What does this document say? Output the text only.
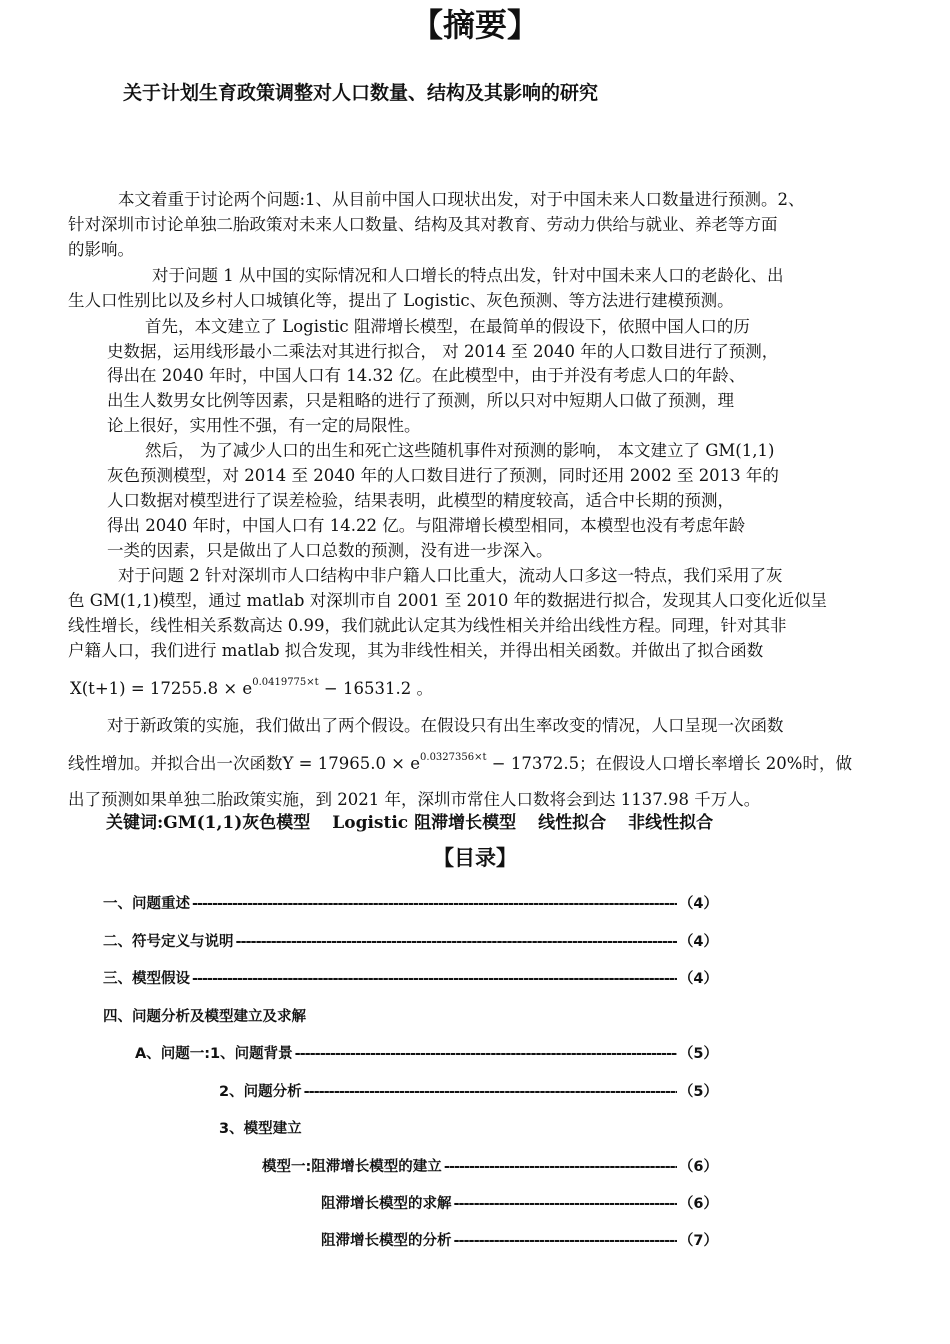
关于计划生育政策调整对人口数量、结构及其影响的研究
【摘要】
本文着重于讨论两个问题:1、从目前中国人口现状出发，对于中国未来人口数量进行预测。2、
针对深圳市讨论单独二胎政策对未来人口数量、结构及其对教育、劳动力供给与就业、养老等方面
的影响。
对于问题 1 从中国的实际情况和人口增长的特点出发，针对中国未来人口的老龄化、出
生人口性别比以及乡村人口城镇化等，提出了 Logistic、灰色预测、等方法进行建模预测。
首先，本文建立了 Logistic 阻滞增长模型，在最简单的假设下，依照中国人口的历
史数据，运用线形最小二乘法对其进行拟合， 对 2014 至 2040 年的人口数目进行了预测，
得出在 2040 年时，中国人口有 14.32 亿。在此模型中，由于并没有考虑人口的年龄、
出生人数男女比例等因素，只是粗略的进行了预测，所以只对中短期人口做了预测，理
论上很好，实用性不强，有一定的局限性。
然后， 为了减少人口的出生和死亡这些随机事件对预测的影响， 本文建立了 GM(1,1)
灰色预测模型，对 2014 至 2040 年的人口数目进行了预测，同时还用 2002 至 2013 年的
人口数据对模型进行了误差检验，结果表明，此模型的精度较高，适合中长期的预测，
得出 2040 年时，中国人口有 14.22 亿。与阻滞增长模型相同，本模型也没有考虑年龄
一类的因素，只是做出了人口总数的预测，没有进一步深入。
对于问题 2 针对深圳市人口结构中非户籍人口比重大，流动人口多这一特点，我们采用了灰
色 GM(1,1)模型，通过 matlab 对深圳市自 2001 至 2010 年的数据进行拟合，发现其人口变化近似呈
线性增长，线性相关系数高达 0.99，我们就此认定其为线性相关并给出线性方程。同理，针对其非
户籍人口，我们进行 matlab 拟合发现，其为非线性相关，并得出相关函数。并做出了拟合函数
$X(t+1) = 17255.8 \times e^{0.0419775\times t} - 16531.2$ 。
对于新政策的实施，我们做出了两个假设。在假设只有出生率改变的情况，人口呈现一次函数
线性增加。并拟合出一次函数$Y = 17965.0 \times e^{0.0327356\times t} - 17372.5$；在假设人口增长率增长 20%时，做
出了预测如果单独二胎政策实施，到 2021 年，深圳市常住人口数将会到达 1137.98 千万人。
关键词:GM(1,1)灰色模型 Logistic 阻滞增长模型 线性拟合 非线性拟合
【目录】
一、问题重述 -----	（4）
二、符号定义与说明 -----	（4）
三、模型假设 -----	（4）
四、问题分析及模型建立及求解
A、问题一:1、问题背景 -----	（5）
2、问题分析 -----	（5）
3、模型建立
模型一:阻滞增长模型的建立 -----	（6）
阻滞增长模型的求解 -----	（6）
阻滞增长模型的分析 -----	（7）
